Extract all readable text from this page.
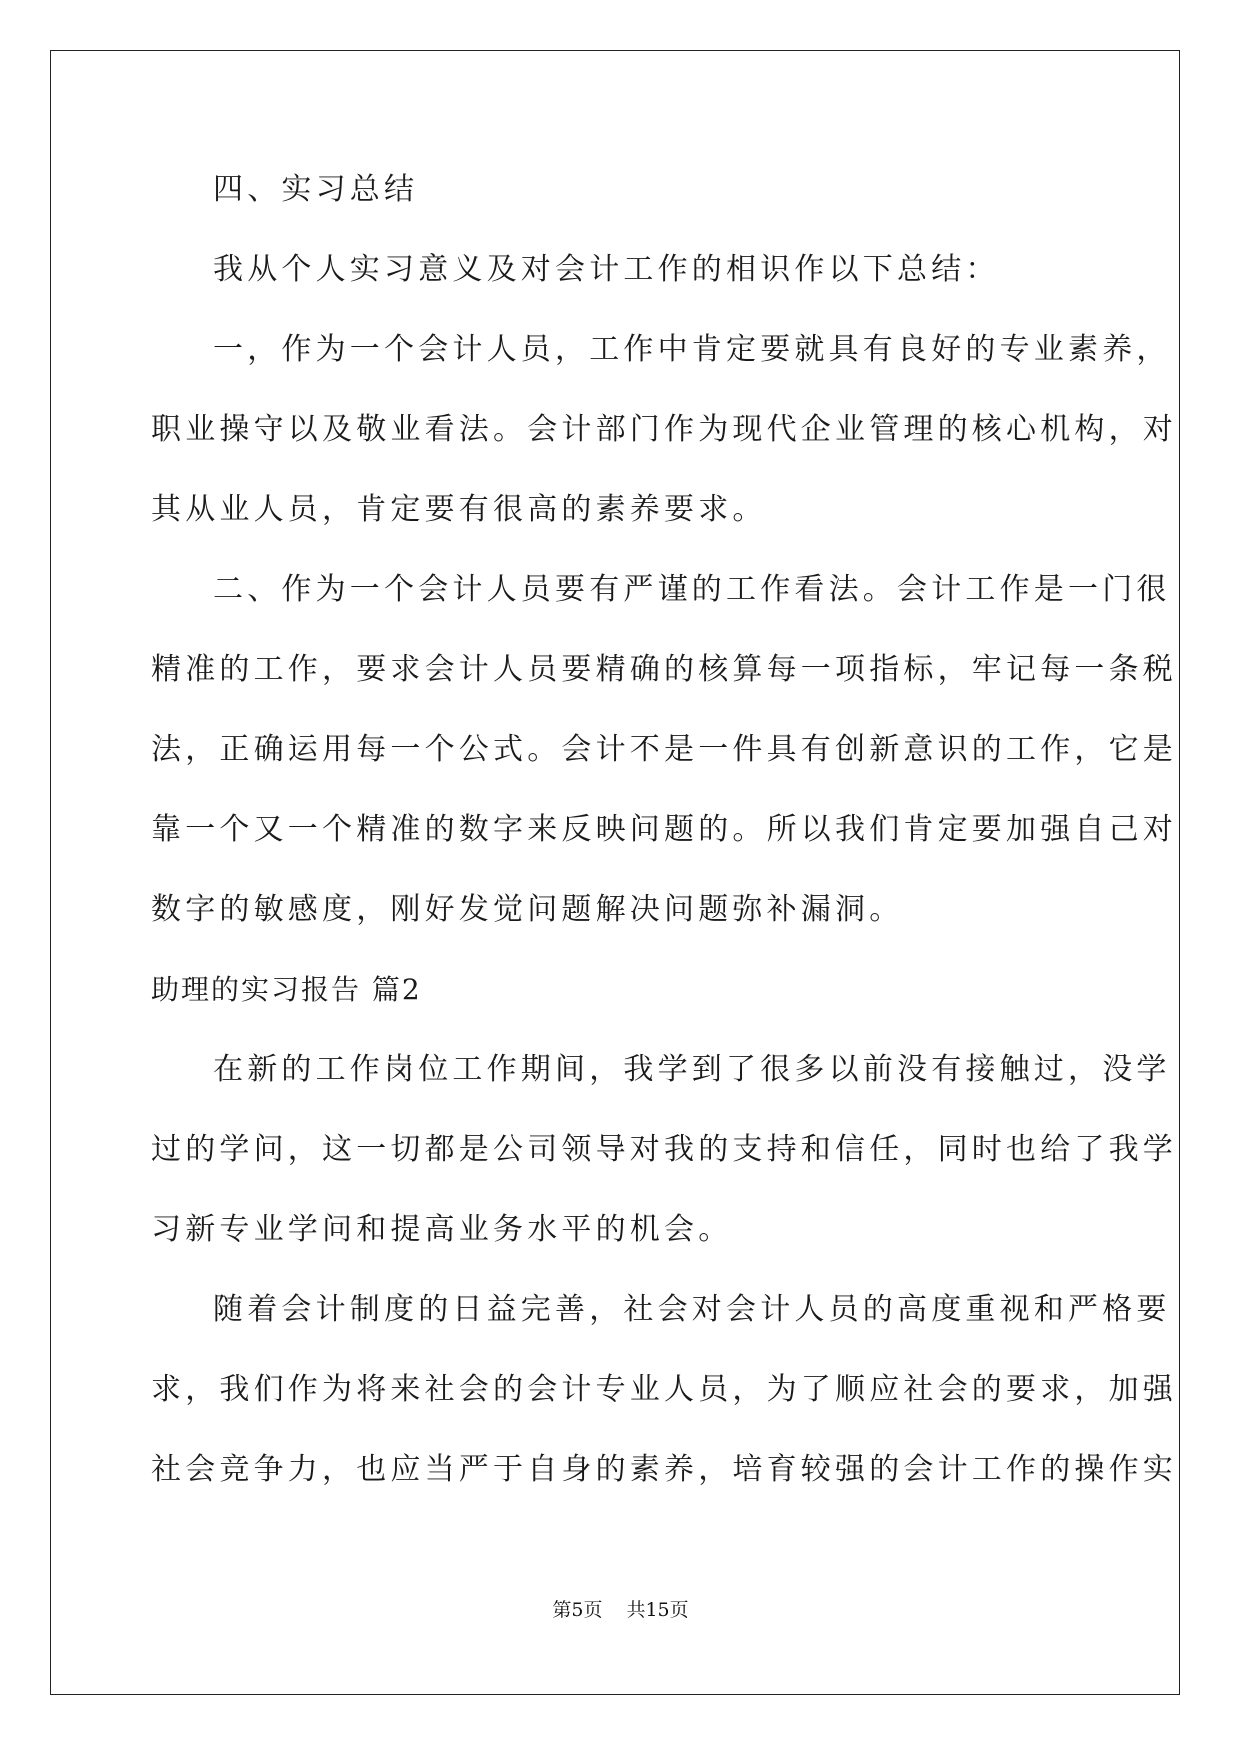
四、实习总结
我从个人实习意义及对会计工作的相识作以下总结：
一，作为一个会计人员，工作中肯定要就具有良好的专业素养，
职业操守以及敬业看法。会计部门作为现代企业管理的核心机构，对
其从业人员，肯定要有很高的素养要求。
二、作为一个会计人员要有严谨的工作看法。会计工作是一门很
精准的工作，要求会计人员要精确的核算每一项指标，牢记每一条税
法，正确运用每一个公式。会计不是一件具有创新意识的工作，它是
靠一个又一个精准的数字来反映问题的。所以我们肯定要加强自己对
数字的敏感度，刚好发觉问题解决问题弥补漏洞。
助理的实习报告 篇2
在新的工作岗位工作期间，我学到了很多以前没有接触过，没学
过的学问，这一切都是公司领导对我的支持和信任，同时也给了我学
习新专业学问和提高业务水平的机会。
随着会计制度的日益完善，社会对会计人员的高度重视和严格要
求，我们作为将来社会的会计专业人员，为了顺应社会的要求，加强
社会竞争力，也应当严于自身的素养，培育较强的会计工作的操作实
第5页 共15页
